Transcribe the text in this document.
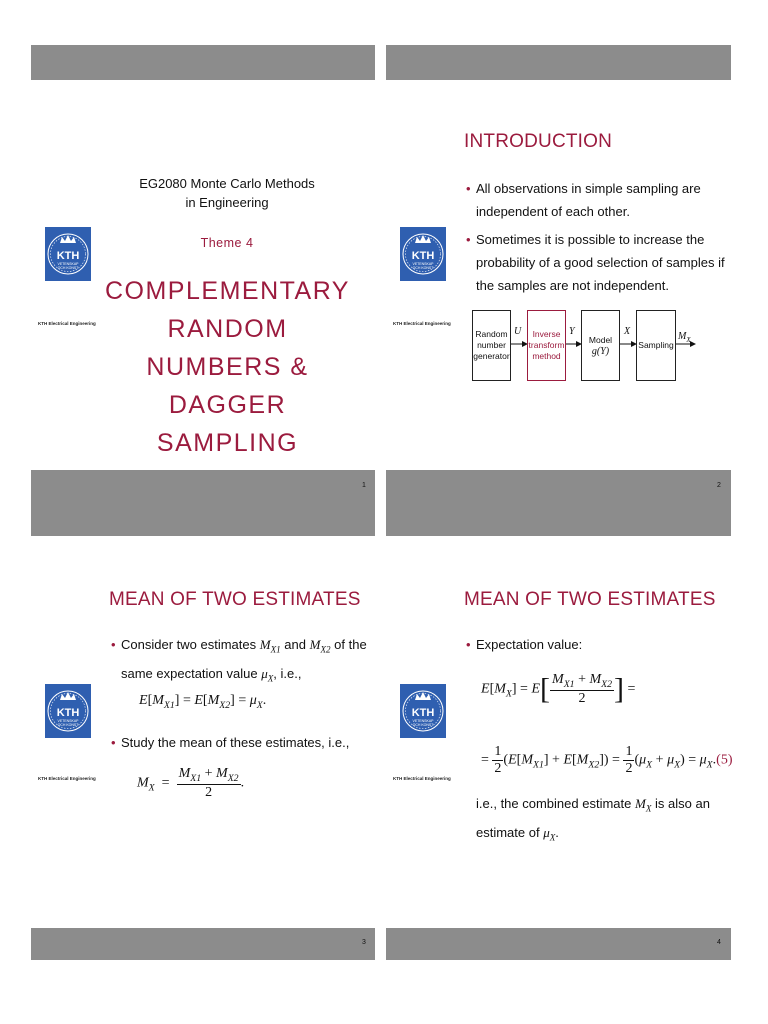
KTH
VETENSKAP
OCH KONST
KTH Electrical Engineering
KTH
VETENSKAP
OCH KONST
KTH Electrical Engineering
KTH
VETENSKAP
OCH KONST
KTH Electrical Engineering
KTH
VETENSKAP
OCH KONST
KTH Electrical Engineering
EG2080 Monte Carlo Methods
in Engineering
Theme 4
COMPLEMENTARY
RANDOM NUMBERS &
DAGGER SAMPLING
1
INTRODUCTION
• All observations in simple sampling are
independent of each other.
• Sometimes it is possible to increase the
probability of a good selection of samples if
the samples are not independent.
Random
number
generator
U	Inverse
transform
method
Y
Model
g(Y)
X
Sampling
$M_X$
2
MEAN OF TWO ESTIMATES
• Consider two estimates $M_{X1}$ and $M_{X2}$ of the
same expectation value $\mu_X$, i.e.,
$E[M_{X1}] = E[M_{X2}] = \mu_X$.
• Study the mean of these estimates, i.e.,
$M_X = \frac{M_{X1} + M_{X2}}{2}$ .
3
MEAN OF TWO ESTIMATES
• Expectation value:
$E[M_X] = E[ \frac{M_{X1} + M_{X2}}{2}$ ] =
= $\frac{1}{2} (E[M_{X1}] + E[M_{X2}]) = \frac{1}{2} (\mu_X + \mu_X) = \mu_X.(5)$
i.e., the combined estimate $M_X$ is also an
estimate of $\mu_X$.
4
